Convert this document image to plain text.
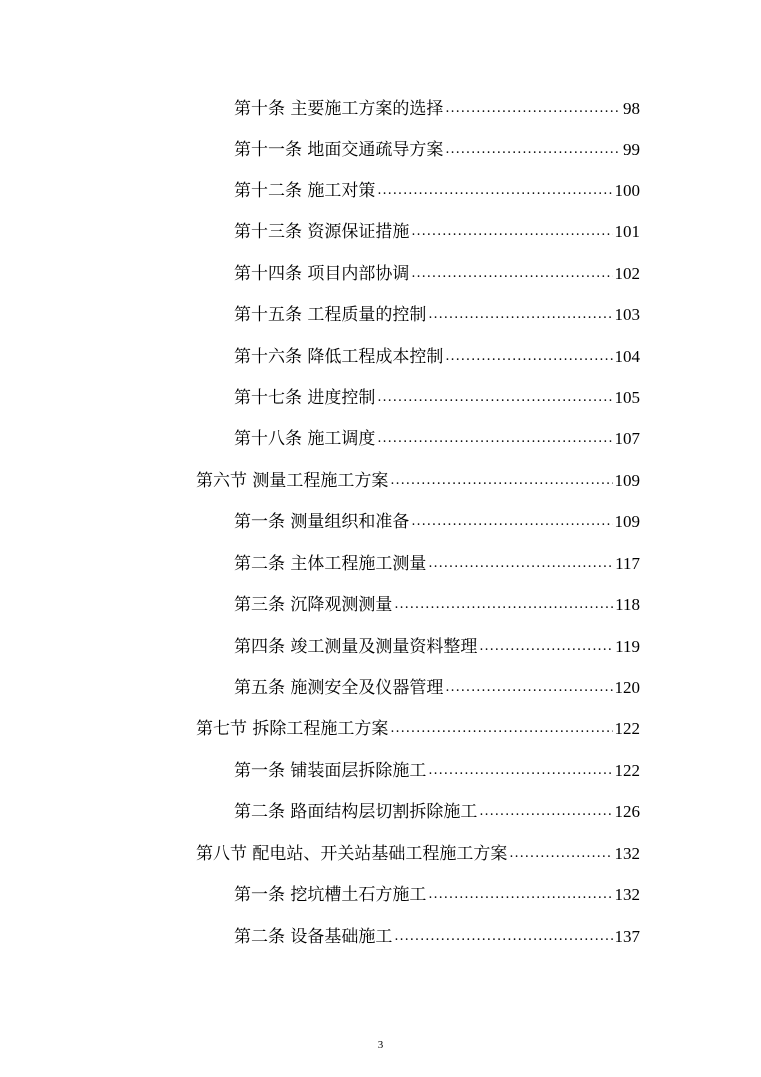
第十条 主要施工方案的选择 .....	98
第十一条 地面交通疏导方案 .....	99
第十二条 施工对策 .....	100
第十三条 资源保证措施 .....	101
第十四条 项目内部协调 .....	102
第十五条 工程质量的控制 .....	103
第十六条 降低工程成本控制 .....	104
第十七条 进度控制 .....	105
第十八条 施工调度 .....	107
第六节 测量工程施工方案 .....	109
第一条 测量组织和准备 .....	109
第二条 主体工程施工测量 .....	117
第三条 沉降观测测量 .....	118
第四条 竣工测量及测量资料整理 .....	119
第五条 施测安全及仪器管理 .....	120
第七节 拆除工程施工方案 .....	122
第一条 铺装面层拆除施工 .....	122
第二条 路面结构层切割拆除施工 .....	126
第八节 配电站、开关站基础工程施工方案 .....	132
第一条 挖坑槽土石方施工 .....	132
第二条 设备基础施工 .....	137
3
